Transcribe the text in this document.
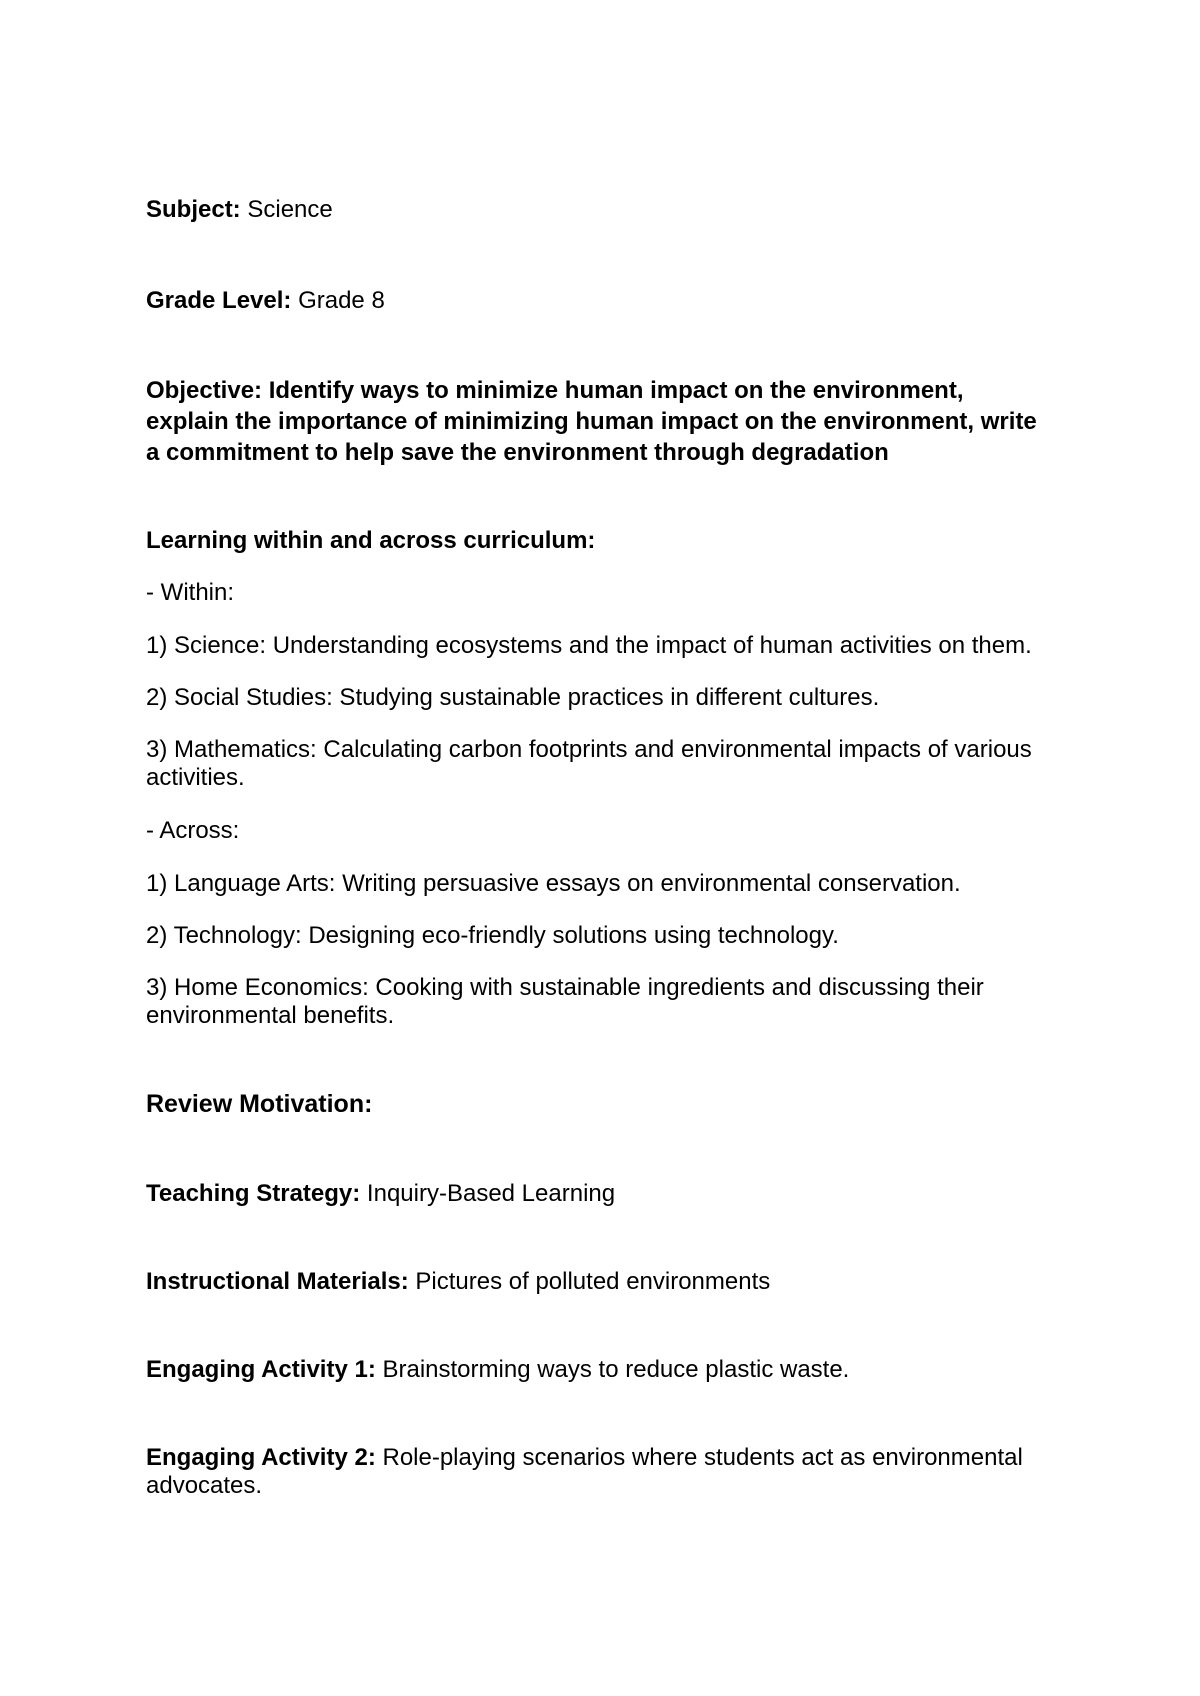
Subject: Science
Grade Level: Grade 8
Objective: Identify ways to minimize human impact on the environment,
explain the importance of minimizing human impact on the environment, write
a commitment to help save the environment through degradation
Learning within and across curriculum:
- Within:
1) Science: Understanding ecosystems and the impact of human activities on them.
2) Social Studies: Studying sustainable practices in different cultures.
3) Mathematics: Calculating carbon footprints and environmental impacts of various activities.
- Across:
1) Language Arts: Writing persuasive essays on environmental conservation.
2) Technology: Designing eco-friendly solutions using technology.
3) Home Economics: Cooking with sustainable ingredients and discussing their environmental benefits.
Review Motivation:
Teaching Strategy: Inquiry-Based Learning
Instructional Materials: Pictures of polluted environments
Engaging Activity 1: Brainstorming ways to reduce plastic waste.
Engaging Activity 2: Role-playing scenarios where students act as environmental advocates.
